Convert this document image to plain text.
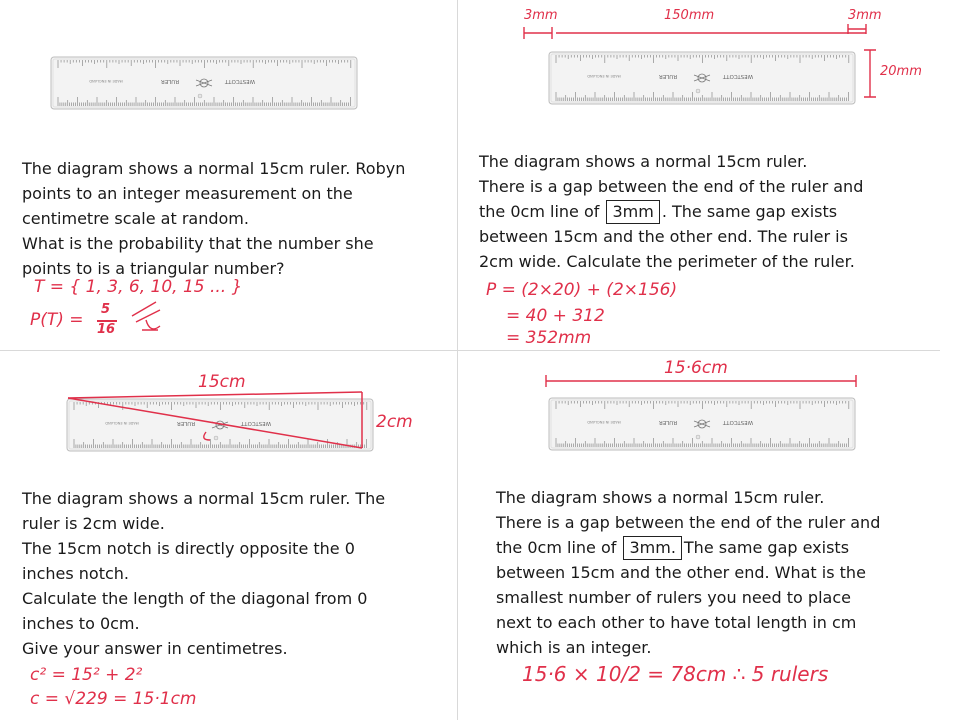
WESTCOTT
RULER
MADE IN ENGLAND
WESTCOTT
RULER
MADE IN ENGLAND
WESTCOTT
RULER
MADE IN ENGLAND	WESTCOTT
RULER
MADE IN ENGLAND
The diagram shows a normal 15cm ruler. Robyn
points to an integer measurement on the
centimetre scale at random.
What is the probability that the number she
points to is a triangular number?
T = { 1, 3, 6, 10, 15 ... }
P(T) =
5
16
The diagram shows a normal 15cm ruler.
There is a gap between the end of the ruler and
the 0cm line of 3mm . The same gap exists
between 15cm and the other end. The ruler is
2cm wide. Calculate the perimeter of the ruler.
3mm	150mm	3mm
20mm
P = (2×20) + (2×156)
= 40 + 312
= 352mm
The diagram shows a normal 15cm ruler. The
ruler is 2cm wide.
The 15cm notch is directly opposite the 0
inches notch.
Calculate the length of the diagonal from 0
inches to 0cm.
Give your answer in centimetres.
15cm
2cm
c² = 15² + 2²
c = √229 = 15·1cm
The diagram shows a normal 15cm ruler.
There is a gap between the end of the ruler and
the 0cm line of 3mm. The same gap exists
between 15cm and the other end. What is the
smallest number of rulers you need to place
next to each other to have total length in cm
which is an integer.
15·6cm
15·6 × 10/2 = 78cm ∴ 5 rulers
